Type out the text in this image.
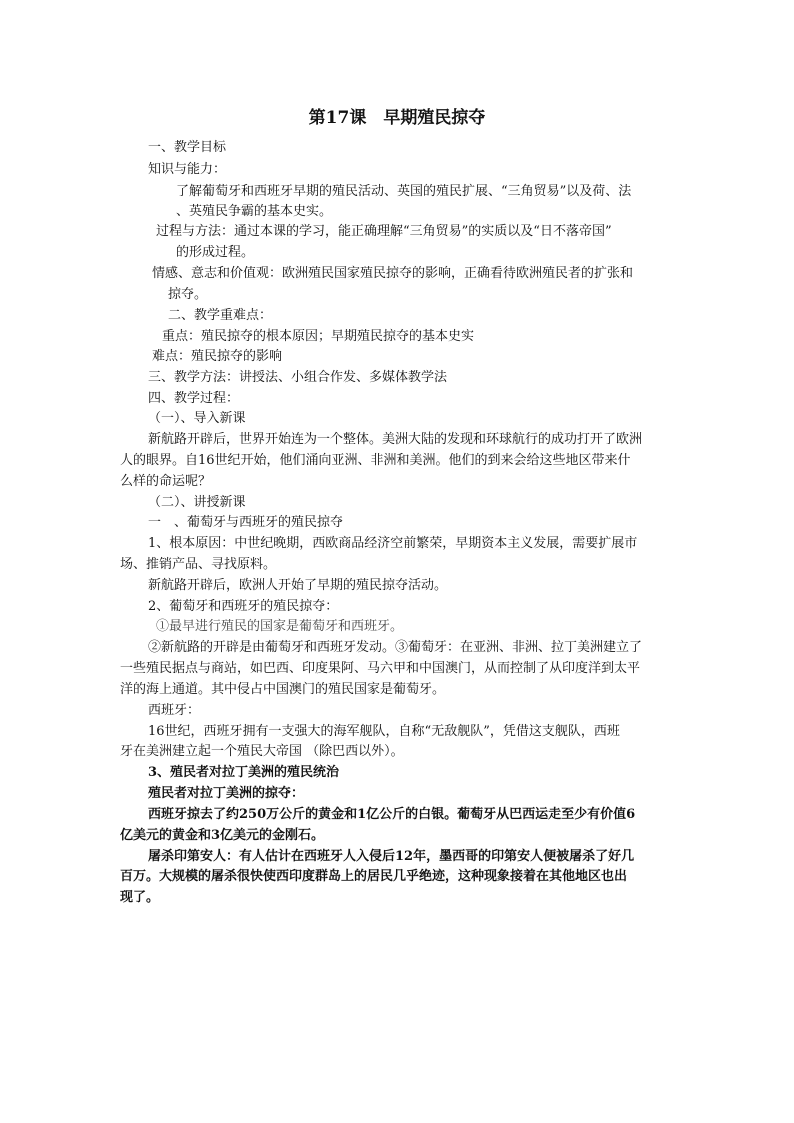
第17课　早期殖民掠夺
一、教学目标
知识与能力：
了解葡萄牙和西班牙早期的殖民活动、英国的殖民扩展、“三角贸易”以及荷、法
、英殖民争霸的基本史实。
过程与方法：通过本课的学习，能正确理解“三角贸易”的实质以及“日不落帝国”
的形成过程。
情感、意志和价值观：欧洲殖民国家殖民掠夺的影响，正确看待欧洲殖民者的扩张和
掠夺。
二、教学重难点：
重点：殖民掠夺的根本原因；早期殖民掠夺的基本史实
难点：殖民掠夺的影响
三、教学方法：讲授法、小组合作发、多媒体教学法
四、教学过程：
（一）、导入新课
新航路开辟后，世界开始连为一个整体。美洲大陆的发现和环球航行的成功打开了欧洲
人的眼界。自16世纪开始，他们涌向亚洲、非洲和美洲。他们的到来会给这些地区带来什
么样的命运呢？
（二）、讲授新课
一　、葡萄牙与西班牙的殖民掠夺
1、根本原因：中世纪晚期，西欧商品经济空前繁荣，早期资本主义发展，需要扩展市
场、推销产品、寻找原料。
新航路开辟后，欧洲人开始了早期的殖民掠夺活动。
2、葡萄牙和西班牙的殖民掠夺：
①最早进行殖民的国家是葡萄牙和西班牙。
②新航路的开辟是由葡萄牙和西班牙发动。③葡萄牙：在亚洲、非洲、拉丁美洲建立了
一些殖民据点与商站，如巴西、印度果阿、马六甲和中国澳门，从而控制了从印度洋到太平
洋的海上通道。其中侵占中国澳门的殖民国家是葡萄牙。
西班牙：
16世纪，西班牙拥有一支强大的海军舰队，自称“无敌舰队”，凭借这支舰队，西班
牙在美洲建立起一个殖民大帝国 （除巴西以外）。
3、殖民者对拉丁美洲的殖民统治
殖民者对拉丁美洲的掠夺：
西班牙掠去了约250万公斤的黄金和1亿公斤的白银。葡萄牙从巴西运走至少有价值6
亿美元的黄金和3亿美元的金刚石。
屠杀印第安人：有人估计在西班牙人入侵后12年，墨西哥的印第安人便被屠杀了好几
百万。大规模的屠杀很快使西印度群岛上的居民几乎绝迹，这种现象接着在其他地区也出
现了。
